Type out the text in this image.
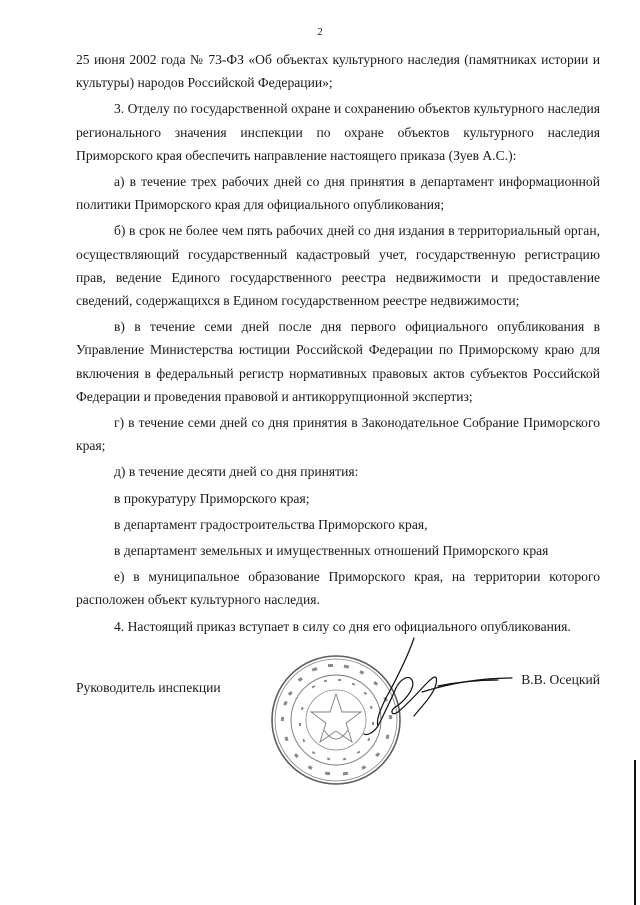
2

25 июня 2002 года № 73-ФЗ «Об объектах культурного наследия (памятниках истории и культуры) народов Российской Федерации»;

3. Отделу по государственной охране и сохранению объектов культурного наследия регионального значения инспекции по охране объектов культурного наследия Приморского края обеспечить направление настоящего приказа (Зуев А.С.):

а) в течение трех рабочих дней со дня принятия в департамент информационной политики Приморского края для официального опубликования;

б) в срок не более чем пять рабочих дней со дня издания в территориальный орган, осуществляющий государственный кадастровый учет, государственную регистрацию прав, ведение Единого государственного реестра недвижимости и предоставление сведений, содержащихся в Едином государственном реестре недвижимости;

в) в течение семи дней после дня первого официального опубликования в Управление Министерства юстиции Российской Федерации по Приморскому краю для включения в федеральный регистр нормативных правовых актов субъектов Российской Федерации и проведения правовой и антикоррупционной экспертиз;

г) в течение семи дней со дня принятия в Законодательное Собрание Приморского края;

д) в течение десяти дней со дня принятия:

в прокуратуру Приморского края;

в департамент градостроительства Приморского края,

в департамент земельных и имущественных отношений Приморского края

е) в муниципальное образование Приморского края, на территории которого расположен объект культурного наследия.

4. Настоящий приказ вступает в силу со дня его официального опубликования.

Руководитель инспекции
В.В. Осецкий
